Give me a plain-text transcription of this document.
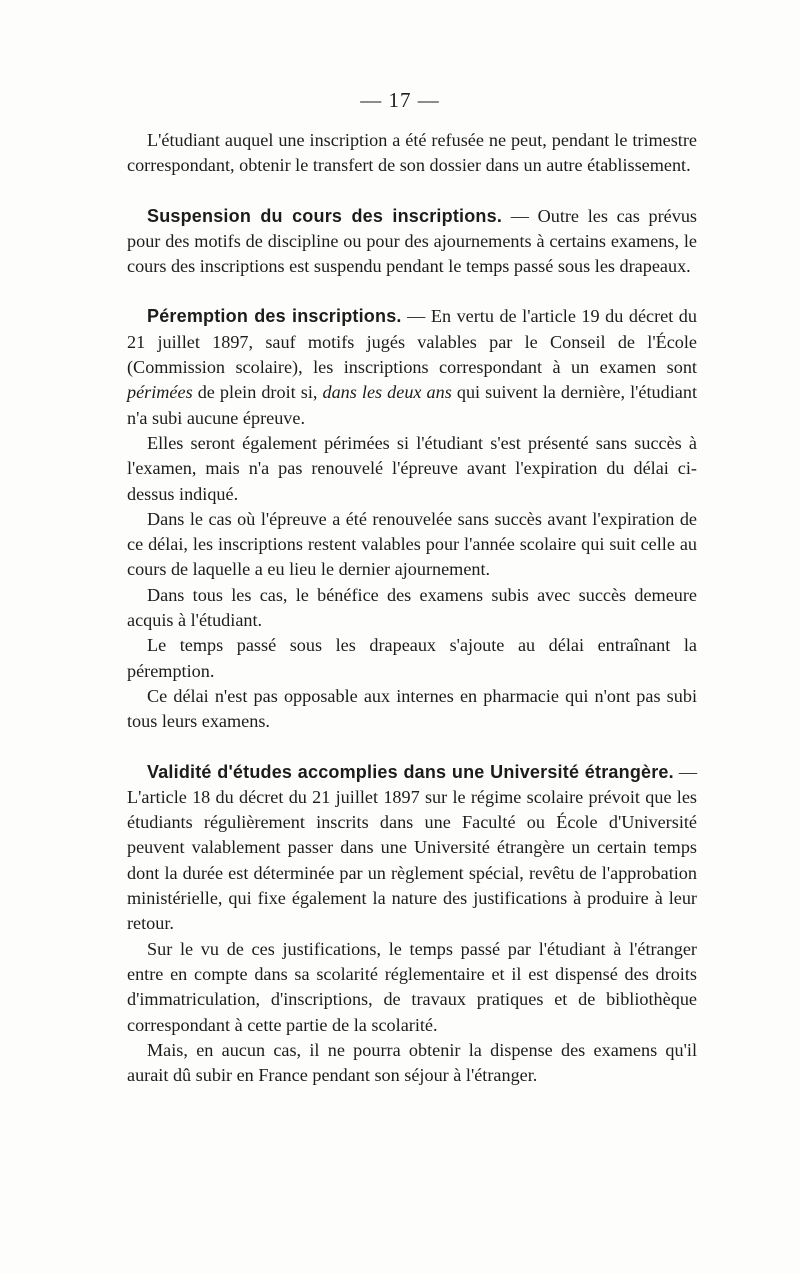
— 17 —

L'étudiant auquel une inscription a été refusée ne peut, pendant le trimestre correspondant, obtenir le transfert de son dossier dans un autre établissement.

Suspension du cours des inscriptions. — Outre les cas prévus pour des motifs de discipline ou pour des ajournements à certains examens, le cours des inscriptions est suspendu pendant le temps passé sous les drapeaux.

Péremption des inscriptions. — En vertu de l'article 19 du décret du 21 juillet 1897, sauf motifs jugés valables par le Conseil de l'École (Commission scolaire), les inscriptions correspondant à un examen sont périmées de plein droit si, dans les deux ans qui suivent la dernière, l'étudiant n'a subi aucune épreuve.

Elles seront également périmées si l'étudiant s'est présenté sans succès à l'examen, mais n'a pas renouvelé l'épreuve avant l'expiration du délai ci-dessus indiqué.

Dans le cas où l'épreuve a été renouvelée sans succès avant l'expiration de ce délai, les inscriptions restent valables pour l'année scolaire qui suit celle au cours de laquelle a eu lieu le dernier ajournement.

Dans tous les cas, le bénéfice des examens subis avec succès demeure acquis à l'étudiant.

Le temps passé sous les drapeaux s'ajoute au délai entraînant la péremption.

Ce délai n'est pas opposable aux internes en pharmacie qui n'ont pas subi tous leurs examens.

Validité d'études accomplies dans une Université étrangère. — L'article 18 du décret du 21 juillet 1897 sur le régime scolaire prévoit que les étudiants régulièrement inscrits dans une Faculté ou École d'Université peuvent valablement passer dans une Université étrangère un certain temps dont la durée est déterminée par un règlement spécial, revêtu de l'approbation ministérielle, qui fixe également la nature des justifications à produire à leur retour.

Sur le vu de ces justifications, le temps passé par l'étudiant à l'étranger entre en compte dans sa scolarité réglementaire et il est dispensé des droits d'immatriculation, d'inscriptions, de travaux pratiques et de bibliothèque correspondant à cette partie de la scolarité.

Mais, en aucun cas, il ne pourra obtenir la dispense des examens qu'il aurait dû subir en France pendant son séjour à l'étranger.
